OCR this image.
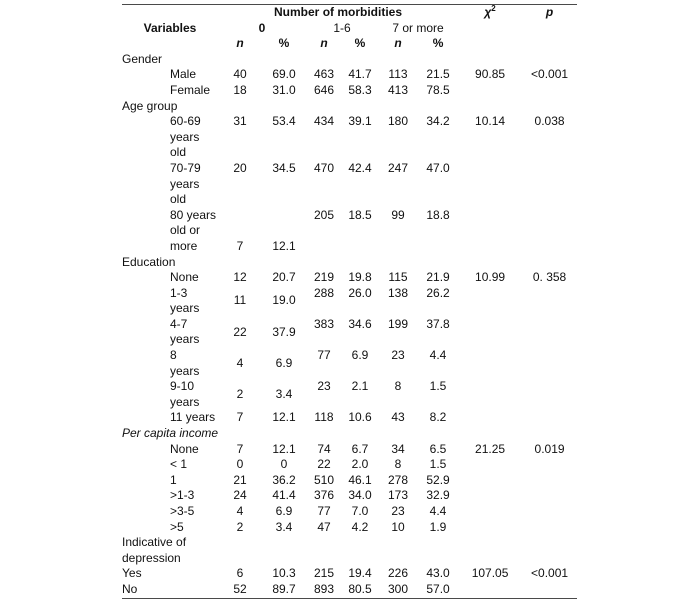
	Number of morbidities						$\chi^2$	p
Variables	0		1-6		7 or more			
	n	%	n	%	n	%		

Gender								

Male	40	69.0	463	41.7	113	21.5	90.85	<0.001

Female	18	31.0	646	58.3	413	78.5		

Age group								

60-69
years
old	31	53.4	434	39.1	180	34.2	10.14	0.038

70-79
years
old	20	34.5	470	42.4	247	47.0		

80 years
old or
more	7	12.1	205	18.5	99	18.8		

Education								

None	12	20.7	219	19.8	115	21.9	10.99	0. 358

1-3
years	11	19.0	288	26.0	138	26.2		

4-7
years	22	37.9	383	34.6	199	37.8		

8
years	4	6.9	77	6.9	23	4.4		

9-10
years	2	3.4	23	2.1	8	1.5		

11 years	7	12.1	118	10.6	43	8.2		

Per capita income								

None	7	12.1	74	6.7	34	6.5	21.25	0.019

< 1	0	0	22	2.0	8	1.5		

1	21	36.2	510	46.1	278	52.9		

>1-3	24	41.4	376	34.0	173	32.9		

>3-5	4	6.9	77	7.0	23	4.4		

>5	2	3.4	47	4.2	10	1.9		

Indicative of
depression								

Yes	6	10.3	215	19.4	226	43.0	107.05	<0.001

No	52	89.7	893	80.5	300	57.0		
